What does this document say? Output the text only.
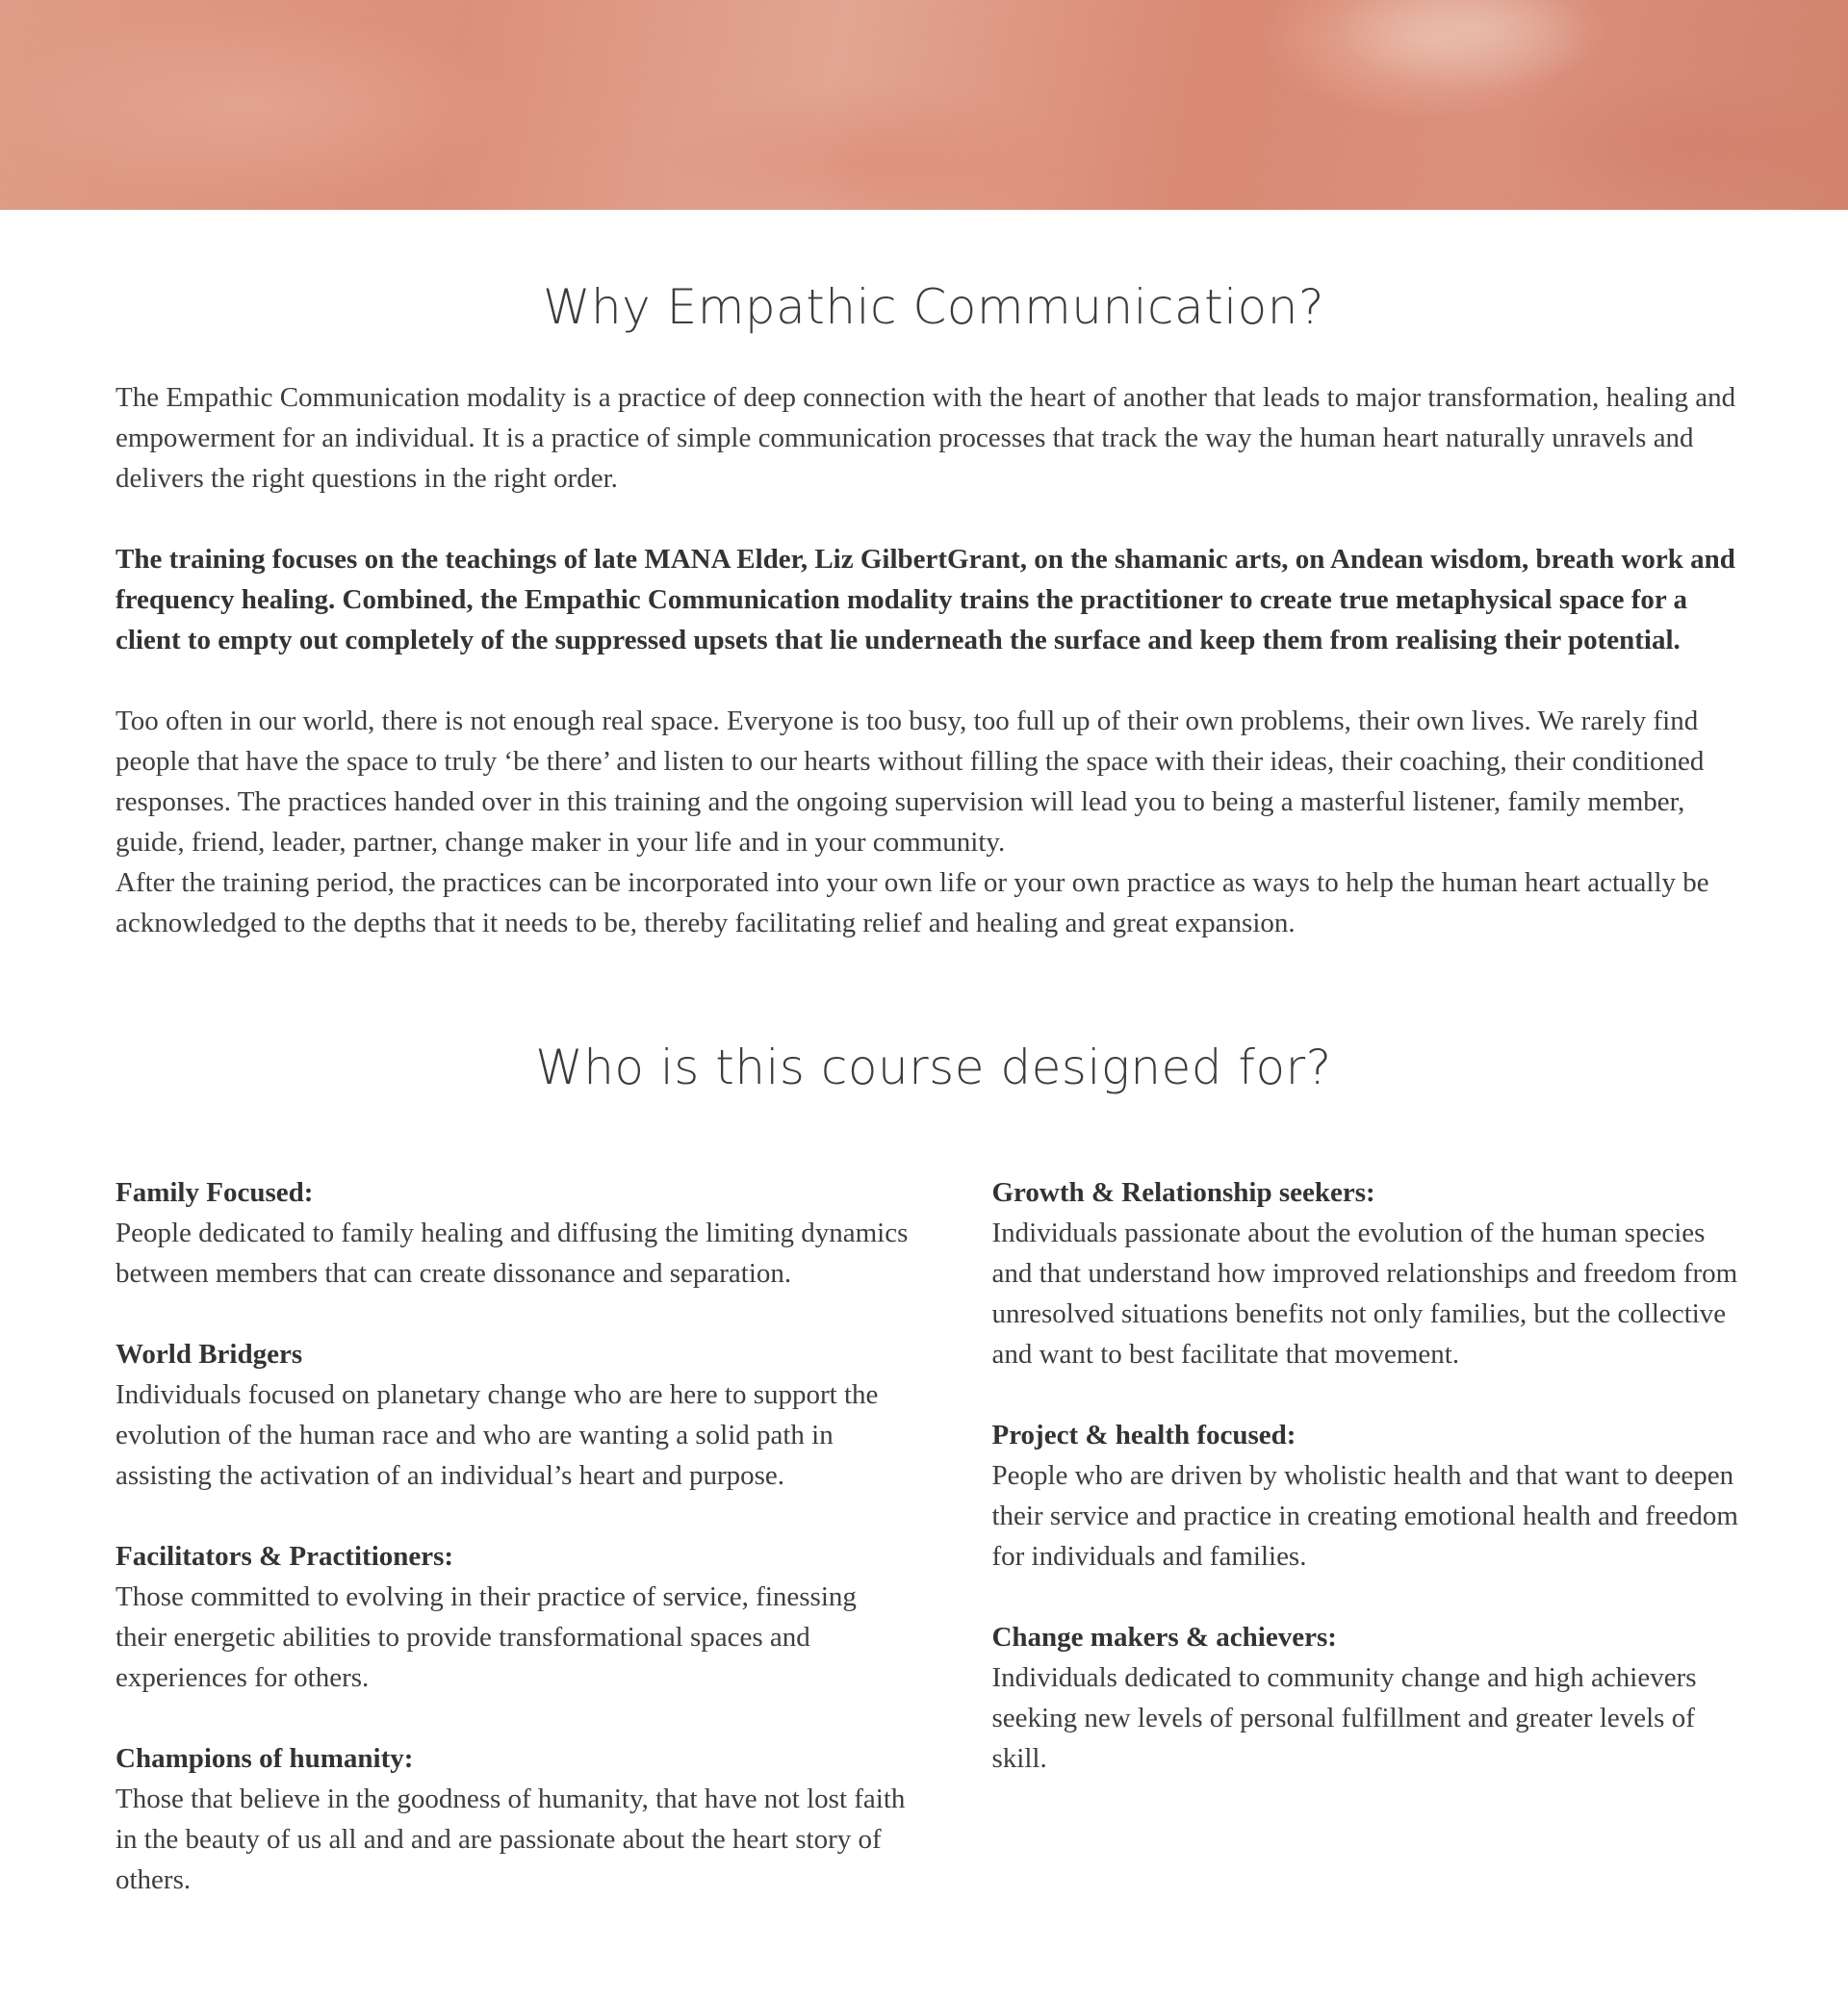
Why Empathic Communication?

The Empathic Communication modality is a practice of deep connection with the heart of another that leads to major transformation, healing and empowerment for an individual. It is a practice of simple communication processes that track the way the human heart naturally unravels and delivers the right questions in the right order.

The training focuses on the teachings of late MANA Elder, Liz GilbertGrant, on the shamanic arts, on Andean wisdom, breath work and frequency healing. Combined, the Empathic Communication modality trains the practitioner to create true metaphysical space for a client to empty out completely of the suppressed upsets that lie underneath the surface and keep them from realising their potential.

Too often in our world, there is not enough real space. Everyone is too busy, too full up of their own problems, their own lives. We rarely find people that have the space to truly ‘be there’ and listen to our hearts without filling the space with their ideas, their coaching, their conditioned responses. The practices handed over in this training and the ongoing supervision will lead you to being a masterful listener, family member, guide, friend, leader, partner, change maker in your life and in your community.

After the training period, the practices can be incorporated into your own life or your own practice as ways to help the human heart actually be acknowledged to the depths that it needs to be, thereby facilitating relief and healing and great expansion.

Who is this course designed for?
Family Focused:
People dedicated to family healing and diffusing the limiting dynamics between members that can create dissonance and separation.
World Bridgers
Individuals focused on planetary change who are here to support the evolution of the human race and who are wanting a solid path in assisting the activation of an individual’s heart and purpose.
Facilitators & Practitioners:
Those committed to evolving in their practice of service, finessing their energetic abilities to provide transformational spaces and experiences for others.
Champions of humanity:
Those that believe in the goodness of humanity, that have not lost faith in the beauty of us all and and are passionate about the heart story of others.
Growth & Relationship seekers:
Individuals passionate about the evolution of the human species and that understand how improved relationships and freedom from unresolved situations benefits not only families, but the collective and want to best facilitate that movement.
Project & health focused:
People who are driven by wholistic health and that want to deepen their service and practice in creating emotional health and freedom for individuals and families.
Change makers & achievers:
Individuals dedicated to community change and high achievers seeking new levels of personal fulfillment and greater levels of skill.
